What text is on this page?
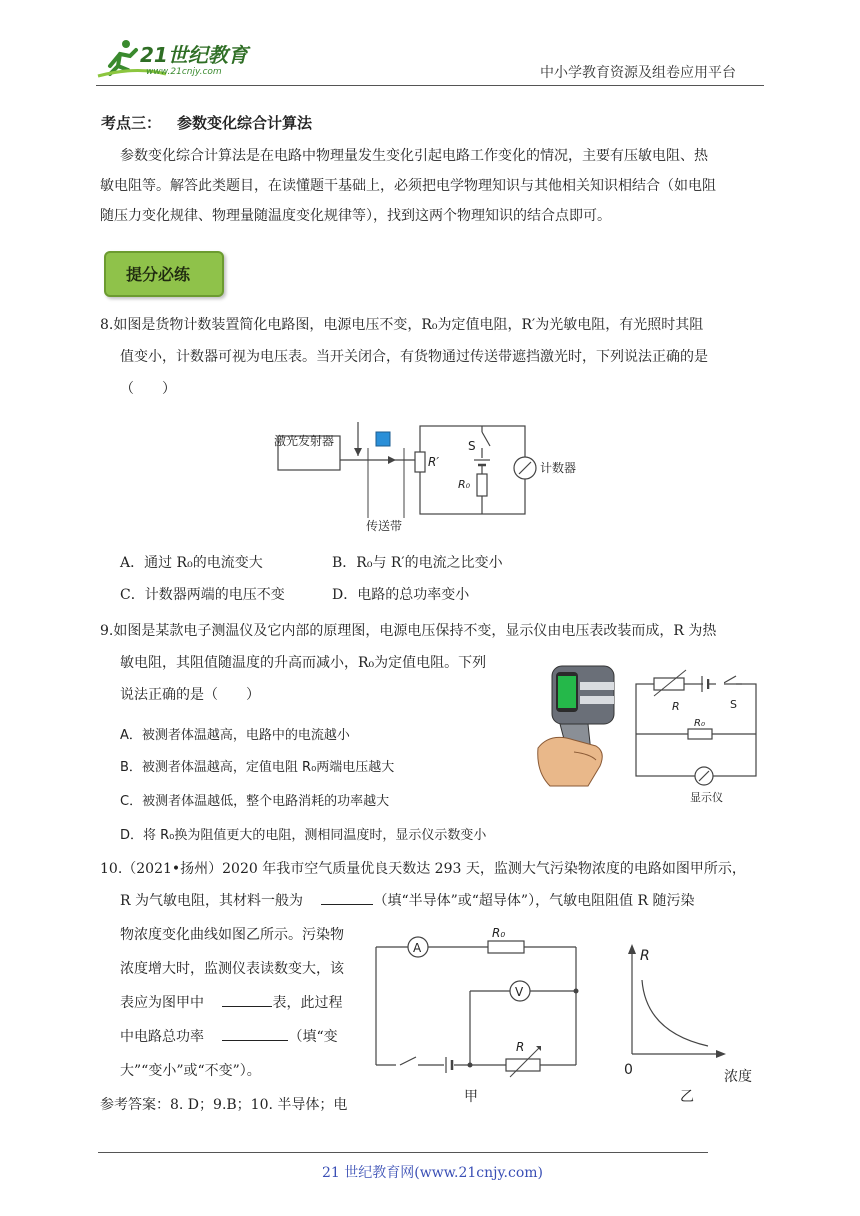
21世纪教育
www.21cnjy.com	中小学教育资源及组卷应用平台
考点三： 参数变化综合计算法

参数变化综合计算法是在电路中物理量发生变化引起电路工作变化的情况，主要有压敏电阻、热

敏电阻等。解答此类题目，在读懂题干基础上，必须把电学物理知识与其他相关知识相结合（如电阻

随压力变化规律、物理量随温度变化规律等），找到这两个物理知识的结合点即可。

提分必练
8.如图是货物计数装置简化电路图，电源电压不变，R₀为定值电阻，R′为光敏电阻，有光照时其阻
值变小，计数器可视为电压表。当开关闭合，有货物通过传送带遮挡激光时，下列说法正确的是
（　　）
激光发射器
传送带
R′
S
R₀
计数器
A．通过 R₀的电流变大	B．R₀与 R′的电流之比变小
C．计数器两端的电压不变	D．电路的总功率变小
9.如图是某款电子测温仪及它内部的原理图，电源电压保持不变，显示仪由电压表改装而成，R 为热
敏电阻，其阻值随温度的升高而减小，R₀为定值电阻。下列
说法正确的是（　　）
A．被测者体温越高，电路中的电流越小
B．被测者体温越高，定值电阻 R₀两端电压越大
C．被测者体温越低，整个电路消耗的功率越大
D．将 R₀换为阻值更大的电阻，测相同温度时，显示仪示数变小
R	S
R₀
显示仪
10.（2021•扬州）2020 年我市空气质量优良天数达 293 天，监测大气污染物浓度的电路如图甲所示，
R 为气敏电阻，其材料一般为	（填“半导体”或“超导体”），气敏电阻阻值 R 随污染
物浓度变化曲线如图乙所示。污染物
浓度增大时，监测仪表读数变大，该
表应为图甲中	表，此过程
中电路总功率	（填“变
大”“变小”或“不变”）。
参考答案：8. D；9.B；10. 半导体；电
A
R₀
V
R
甲
R
0	浓度
乙
21 世纪教育网(www.21cnjy.com)
